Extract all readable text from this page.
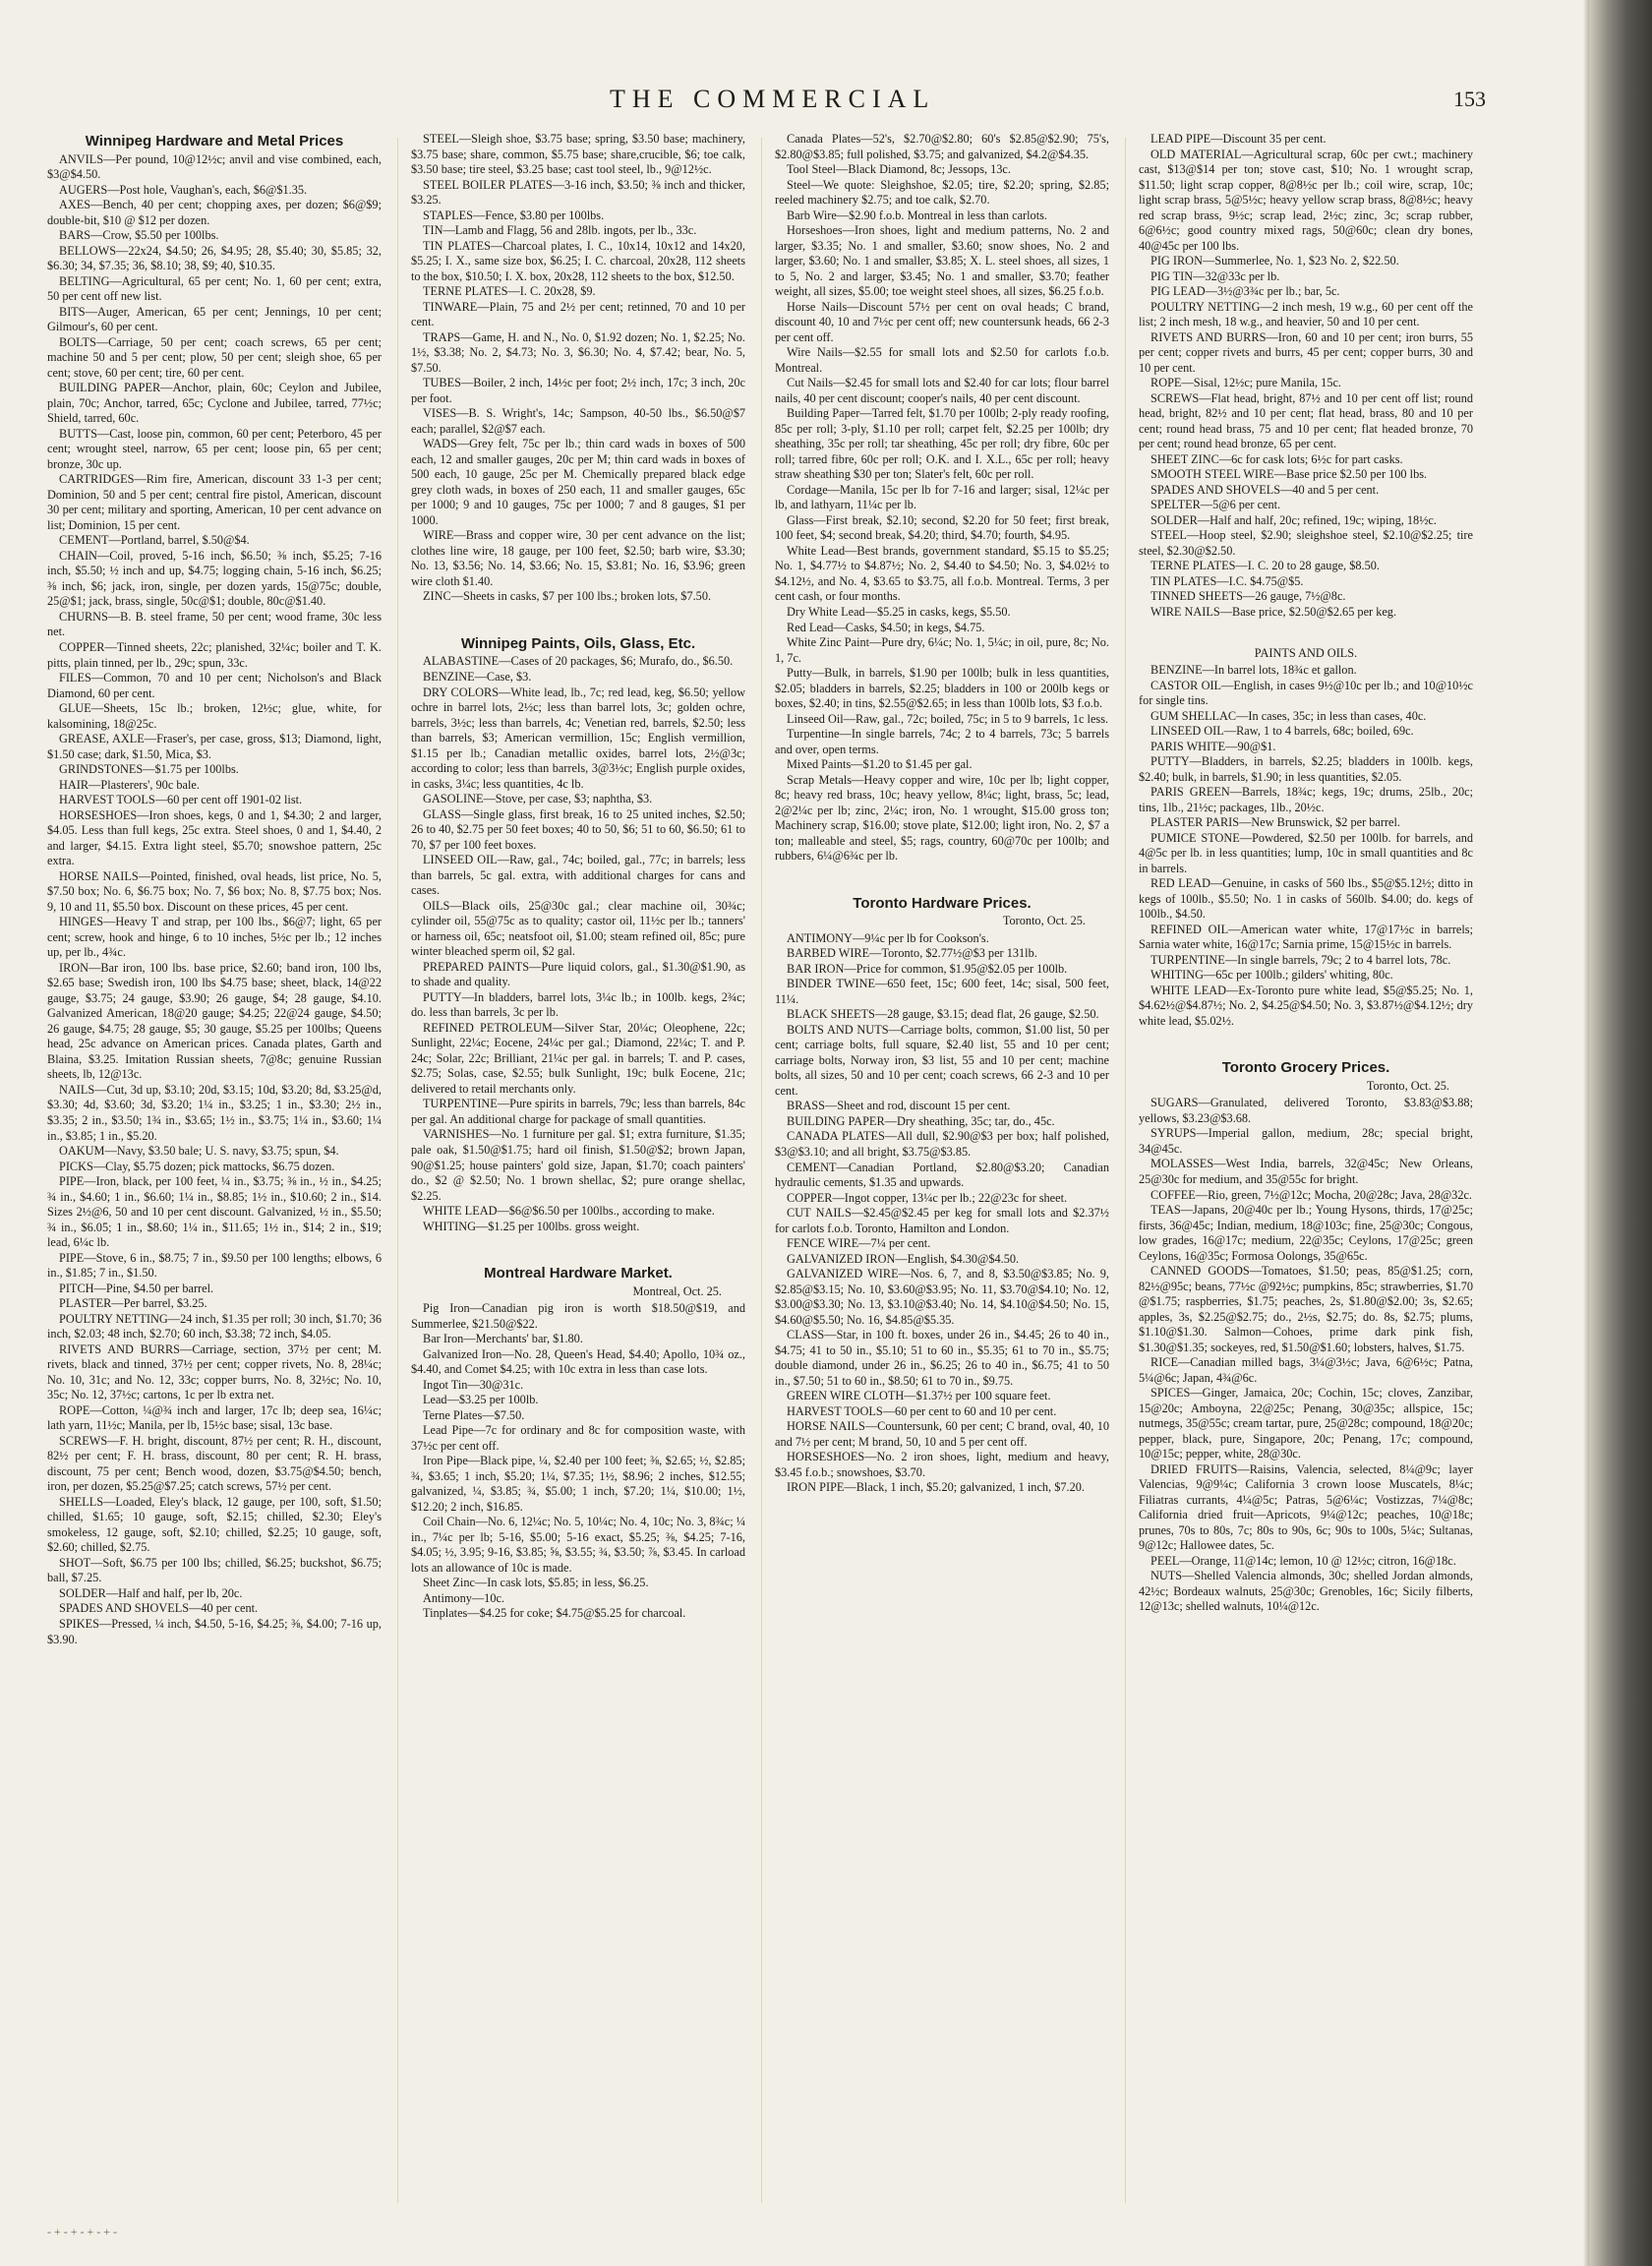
THE COMMERCIAL	153
Winnipeg Hardware and Metal Prices

ANVILS—Per pound, 10@12½c; anvil and vise combined, each, $3@$4.50.

AUGERS—Post hole, Vaughan's, each, $6@$1.35.

AXES—Bench, 40 per cent; chopping axes, per dozen; $6@$9; double-bit, $10 @ $12 per dozen.

BARS—Crow, $5.50 per 100lbs.

BELLOWS—22x24, $4.50; 26, $4.95; 28, $5.40; 30, $5.85; 32, $6.30; 34, $7.35; 36, $8.10; 38, $9; 40, $10.35.

BELTING—Agricultural, 65 per cent; No. 1, 60 per cent; extra, 50 per cent off new list.

BITS—Auger, American, 65 per cent; Jennings, 10 per cent; Gilmour's, 60 per cent.

BOLTS—Carriage, 50 per cent; coach screws, 65 per cent; machine 50 and 5 per cent; plow, 50 per cent; sleigh shoe, 65 per cent; stove, 60 per cent; tire, 60 per cent.

BUILDING PAPER—Anchor, plain, 60c; Ceylon and Jubilee, plain, 70c; Anchor, tarred, 65c; Cyclone and Jubilee, tarred, 77½c; Shield, tarred, 60c.

BUTTS—Cast, loose pin, common, 60 per cent; Peterboro, 45 per cent; wrought steel, narrow, 65 per cent; loose pin, 65 per cent; bronze, 30c up.

CARTRIDGES—Rim fire, American, discount 33 1-3 per cent; Dominion, 50 and 5 per cent; central fire pistol, American, discount 30 per cent; military and sporting, American, 10 per cent advance on list; Dominion, 15 per cent.

CEMENT—Portland, barrel, $.50@$4.

CHAIN—Coil, proved, 5-16 inch, $6.50; ⅜ inch, $5.25; 7-16 inch, $5.50; ½ inch and up, $4.75; logging chain, 5-16 inch, $6.25; ⅜ inch, $6; jack, iron, single, per dozen yards, 15@75c; double, 25@$1; jack, brass, single, 50c@$1; double, 80c@$1.40.

CHURNS—B. B. steel frame, 50 per cent; wood frame, 30c less net.

COPPER—Tinned sheets, 22c; planished, 32¼c; boiler and T. K. pitts, plain tinned, per lb., 29c; spun, 33c.

FILES—Common, 70 and 10 per cent; Nicholson's and Black Diamond, 60 per cent.

GLUE—Sheets, 15c lb.; broken, 12½c; glue, white, for kalsomining, 18@25c.

GREASE, AXLE—Fraser's, per case, gross, $13; Diamond, light, $1.50 case; dark, $1.50, Mica, $3.

GRINDSTONES—$1.75 per 100lbs.

HAIR—Plasterers', 90c bale.

HARVEST TOOLS—60 per cent off 1901-02 list.

HORSESHOES—Iron shoes, kegs, 0 and 1, $4.30; 2 and larger, $4.05. Less than full kegs, 25c extra. Steel shoes, 0 and 1, $4.40, 2 and larger, $4.15. Extra light steel, $5.70; snowshoe pattern, 25c extra.

HORSE NAILS—Pointed, finished, oval heads, list price, No. 5, $7.50 box; No. 6, $6.75 box; No. 7, $6 box; No. 8, $7.75 box; Nos. 9, 10 and 11, $5.50 box. Discount on these prices, 45 per cent.

HINGES—Heavy T and strap, per 100 lbs., $6@7; light, 65 per cent; screw, hook and hinge, 6 to 10 inches, 5½c per lb.; 12 inches up, per lb., 4¾c.

IRON—Bar iron, 100 lbs. base price, $2.60; band iron, 100 lbs, $2.65 base; Swedish iron, 100 lbs $4.75 base; sheet, black, 14@22 gauge, $3.75; 24 gauge, $3.90; 26 gauge, $4; 28 gauge, $4.10. Galvanized American, 18@20 gauge; $4.25; 22@24 gauge, $4.50; 26 gauge, $4.75; 28 gauge, $5; 30 gauge, $5.25 per 100lbs; Queens head, 25c advance on American prices. Canada plates, Garth and Blaina, $3.25. Imitation Russian sheets, 7@8c; genuine Russian sheets, lb, 12@13c.

NAILS—Cut, 3d up, $3.10; 20d, $3.15; 10d, $3.20; 8d, $3.25@d, $3.30; 4d, $3.60; 3d, $3.20; 1¼ in., $3.25; 1 in., $3.30; 2½ in., $3.35; 2 in., $3.50; 1¾ in., $3.65; 1½ in., $3.75; 1¼ in., $3.60; 1¼ in., $3.85; 1 in., $5.20.

OAKUM—Navy, $3.50 bale; U. S. navy, $3.75; spun, $4.

PICKS—Clay, $5.75 dozen; pick mattocks, $6.75 dozen.

PIPE—Iron, black, per 100 feet, ¼ in., $3.75; ⅜ in., ½ in., $4.25; ¾ in., $4.60; 1 in., $6.60; 1¼ in., $8.85; 1½ in., $10.60; 2 in., $14. Sizes 2½@6, 50 and 10 per cent discount. Galvanized, ½ in., $5.50; ¾ in., $6.05; 1 in., $8.60; 1¼ in., $11.65; 1½ in., $14; 2 in., $19; lead, 6¼c lb.

PIPE—Stove, 6 in., $8.75; 7 in., $9.50 per 100 lengths; elbows, 6 in., $1.85; 7 in., $1.50.

PITCH—Pine, $4.50 per barrel.

PLASTER—Per barrel, $3.25.

POULTRY NETTING—24 inch, $1.35 per roll; 30 inch, $1.70; 36 inch, $2.03; 48 inch, $2.70; 60 inch, $3.38; 72 inch, $4.05.

RIVETS AND BURRS—Carriage, section, 37½ per cent; M. rivets, black and tinned, 37½ per cent; copper rivets, No. 8, 28¼c; No. 10, 31c; and No. 12, 33c; copper burrs, No. 8, 32½c; No. 10, 35c; No. 12, 37½c; cartons, 1c per lb extra net.

ROPE—Cotton, ¼@¾ inch and larger, 17c lb; deep sea, 16¼c; lath yarn, 11½c; Manila, per lb, 15½c base; sisal, 13c base.

SCREWS—F. H. bright, discount, 87½ per cent; R. H., discount, 82½ per cent; F. H. brass, discount, 80 per cent; R. H. brass, discount, 75 per cent; Bench wood, dozen, $3.75@$4.50; bench, iron, per dozen, $5.25@$7.25; catch screws, 57½ per cent.

SHELLS—Loaded, Eley's black, 12 gauge, per 100, soft, $1.50; chilled, $1.65; 10 gauge, soft, $2.15; chilled, $2.30; Eley's smokeless, 12 gauge, soft, $2.10; chilled, $2.25; 10 gauge, soft, $2.60; chilled, $2.75.

SHOT—Soft, $6.75 per 100 lbs; chilled, $6.25; buckshot, $6.75; ball, $7.25.

SOLDER—Half and half, per lb, 20c.

SPADES AND SHOVELS—40 per cent.

SPIKES—Pressed, ¼ inch, $4.50, 5-16, $4.25; ⅜, $4.00; 7-16 up, $3.90.

STEEL—Sleigh shoe, $3.75 base; spring, $3.50 base; machinery, $3.75 base; share, common, $5.75 base; share,crucible, $6; toe calk, $3.50 base; tire steel, $3.25 base; cast tool steel, lb., 9@12½c.

STEEL BOILER PLATES—3-16 inch, $3.50; ⅜ inch and thicker, $3.25.

STAPLES—Fence, $3.80 per 100lbs.

TIN—Lamb and Flagg, 56 and 28lb. ingots, per lb., 33c.

TIN PLATES—Charcoal plates, I. C., 10x14, 10x12 and 14x20, $5.25; I. X., same size box, $6.25; I. C. charcoal, 20x28, 112 sheets to the box, $10.50; I. X. box, 20x28, 112 sheets to the box, $12.50.

TERNE PLATES—I. C. 20x28, $9.

TINWARE—Plain, 75 and 2½ per cent; retinned, 70 and 10 per cent.

TRAPS—Game, H. and N., No. 0, $1.92 dozen; No. 1, $2.25; No. 1½, $3.38; No. 2, $4.73; No. 3, $6.30; No. 4, $7.42; bear, No. 5, $7.50.

TUBES—Boiler, 2 inch, 14½c per foot; 2½ inch, 17c; 3 inch, 20c per foot.

VISES—B. S. Wright's, 14c; Sampson, 40-50 lbs., $6.50@$7 each; parallel, $2@$7 each.

WADS—Grey felt, 75c per lb.; thin card wads in boxes of 500 each, 12 and smaller gauges, 20c per M; thin card wads in boxes of 500 each, 10 gauge, 25c per M. Chemically prepared black edge grey cloth wads, in boxes of 250 each, 11 and smaller gauges, 65c per 1000; 9 and 10 gauges, 75c per 1000; 7 and 8 gauges, $1 per 1000.

WIRE—Brass and copper wire, 30 per cent advance on the list; clothes line wire, 18 gauge, per 100 feet, $2.50; barb wire, $3.30; No. 13, $3.56; No. 14, $3.66; No. 15, $3.81; No. 16, $3.96; green wire cloth $1.40.

ZINC—Sheets in casks, $7 per 100 lbs.; broken lots, $7.50.

Winnipeg Paints, Oils, Glass, Etc.

ALABASTINE—Cases of 20 packages, $6; Murafo, do., $6.50.

BENZINE—Case, $3.

DRY COLORS—White lead, lb., 7c; red lead, keg, $6.50; yellow ochre in barrel lots, 2½c; less than barrel lots, 3c; golden ochre, barrels, 3½c; less than barrels, 4c; Venetian red, barrels, $2.50; less than barrels, $3; American vermillion, 15c; English vermillion, $1.15 per lb.; Canadian metallic oxides, barrel lots, 2½@3c; according to color; less than barrels, 3@3½c; English purple oxides, in casks, 3¼c; less quantities, 4c lb.

GASOLINE—Stove, per case, $3; naphtha, $3.

GLASS—Single glass, first break, 16 to 25 united inches, $2.50; 26 to 40, $2.75 per 50 feet boxes; 40 to 50, $6; 51 to 60, $6.50; 61 to 70, $7 per 100 feet boxes.

LINSEED OIL—Raw, gal., 74c; boiled, gal., 77c; in barrels; less than barrels, 5c gal. extra, with additional charges for cans and cases.

OILS—Black oils, 25@30c gal.; clear machine oil, 30¾c; cylinder oil, 55@75c as to quality; castor oil, 11½c per lb.; tanners' or harness oil, 65c; neatsfoot oil, $1.00; steam refined oil, 85c; pure winter bleached sperm oil, $2 gal.

PREPARED PAINTS—Pure liquid colors, gal., $1.30@$1.90, as to shade and quality.

PUTTY—In bladders, barrel lots, 3¼c lb.; in 100lb. kegs, 2¾c; do. less than barrels, 3c per lb.

REFINED PETROLEUM—Silver Star, 20¼c; Oleophene, 22c; Sunlight, 22¼c; Eocene, 24¼c per gal.; Diamond, 22¼c; T. and P. 24c; Solar, 22c; Brilliant, 21¼c per gal. in barrels; T. and P. cases, $2.75; Solas, case, $2.55; bulk Sunlight, 19c; bulk Eocene, 21c; delivered to retail merchants only.

TURPENTINE—Pure spirits in barrels, 79c; less than barrels, 84c per gal. An additional charge for package of small quantities.

VARNISHES—No. 1 furniture per gal. $1; extra furniture, $1.35; pale oak, $1.50@$1.75; hard oil finish, $1.50@$2; brown Japan, 90@$1.25; house painters' gold size, Japan, $1.70; coach painters' do., $2 @ $2.50; No. 1 brown shellac, $2; pure orange shellac, $2.25.

WHITE LEAD—$6@$6.50 per 100lbs., according to make.

WHITING—$1.25 per 100lbs. gross weight.

Montreal Hardware Market.
Montreal, Oct. 25.

Pig Iron—Canadian pig iron is worth $18.50@$19, and Summerlee, $21.50@$22.

Bar Iron—Merchants' bar, $1.80.

Galvanized Iron—No. 28, Queen's Head, $4.40; Apollo, 10¾ oz., $4.40, and Comet $4.25; with 10c extra in less than case lots.

Ingot Tin—30@31c.

Lead—$3.25 per 100lb.

Terne Plates—$7.50.

Lead Pipe—7c for ordinary and 8c for composition waste, with 37½c per cent off.

Iron Pipe—Black pipe, ¼, $2.40 per 100 feet; ⅜, $2.65; ½, $2.85; ¾, $3.65; 1 inch, $5.20; 1¼, $7.35; 1½, $8.96; 2 inches, $12.55; galvanized, ¼, $3.85; ¾, $5.00; 1 inch, $7.20; 1¼, $10.00; 1½, $12.20; 2 inch, $16.85.

Coil Chain—No. 6, 12¼c; No. 5, 10¼c; No. 4, 10c; No. 3, 8¾c; ¼ in., 7¼c per lb; 5-16, $5.00; 5-16 exact, $5.25; ⅜, $4.25; 7-16, $4.05; ½, 3.95; 9-16, $3.85; ⅝, $3.55; ¾, $3.50; ⅞, $3.45. In carload lots an allowance of 10c is made.

Sheet Zinc—In cask lots, $5.85; in less, $6.25.

Antimony—10c.

Tinplates—$4.25 for coke; $4.75@$5.25 for charcoal.

Canada Plates—52's, $2.70@$2.80; 60's $2.85@$2.90; 75's, $2.80@$3.85; full polished, $3.75; and galvanized, $4.2@$4.35.

Tool Steel—Black Diamond, 8c; Jessops, 13c.

Steel—We quote: Sleighshoe, $2.05; tire, $2.20; spring, $2.85; reeled machinery $2.75; and toe calk, $2.70.

Barb Wire—$2.90 f.o.b. Montreal in less than carlots.

Horseshoes—Iron shoes, light and medium patterns, No. 2 and larger, $3.35; No. 1 and smaller, $3.60; snow shoes, No. 2 and larger, $3.60; No. 1 and smaller, $3.85; X. L. steel shoes, all sizes, 1 to 5, No. 2 and larger, $3.45; No. 1 and smaller, $3.70; feather weight, all sizes, $5.00; toe weight steel shoes, all sizes, $6.25 f.o.b.

Horse Nails—Discount 57½ per cent on oval heads; C brand, discount 40, 10 and 7½c per cent off; new countersunk heads, 66 2-3 per cent off.

Wire Nails—$2.55 for small lots and $2.50 for carlots f.o.b. Montreal.

Cut Nails—$2.45 for small lots and $2.40 for car lots; flour barrel nails, 40 per cent discount; cooper's nails, 40 per cent discount.

Building Paper—Tarred felt, $1.70 per 100lb; 2-ply ready roofing, 85c per roll; 3-ply, $1.10 per roll; carpet felt, $2.25 per 100lb; dry sheathing, 35c per roll; tar sheathing, 45c per roll; dry fibre, 60c per roll; tarred fibre, 60c per roll; O.K. and I. X.L., 65c per roll; heavy straw sheathing $30 per ton; Slater's felt, 60c per roll.

Cordage—Manila, 15c per lb for 7-16 and larger; sisal, 12¼c per lb, and lathyarn, 11¼c per lb.

Glass—First break, $2.10; second, $2.20 for 50 feet; first break, 100 feet, $4; second break, $4.20; third, $4.70; fourth, $4.95.

White Lead—Best brands, government standard, $5.15 to $5.25; No. 1, $4.77½ to $4.87½; No. 2, $4.40 to $4.50; No. 3, $4.02½ to $4.12½, and No. 4, $3.65 to $3.75, all f.o.b. Montreal. Terms, 3 per cent cash, or four months.

Dry White Lead—$5.25 in casks, kegs, $5.50.

Red Lead—Casks, $4.50; in kegs, $4.75.

White Zinc Paint—Pure dry, 6¼c; No. 1, 5¼c; in oil, pure, 8c; No. 1, 7c.

Putty—Bulk, in barrels, $1.90 per 100lb; bulk in less quantities, $2.05; bladders in barrels, $2.25; bladders in 100 or 200lb kegs or boxes, $2.40; in tins, $2.55@$2.65; in less than 100lb lots, $3 f.o.b.

Linseed Oil—Raw, gal., 72c; boiled, 75c; in 5 to 9 barrels, 1c less.

Turpentine—In single barrels, 74c; 2 to 4 barrels, 73c; 5 barrels and over, open terms.

Mixed Paints—$1.20 to $1.45 per gal.

Scrap Metals—Heavy copper and wire, 10c per lb; light copper, 8c; heavy red brass, 10c; heavy yellow, 8¼c; light, brass, 5c; lead, 2@2¼c per lb; zinc, 2¼c; iron, No. 1 wrought, $15.00 gross ton; Machinery scrap, $16.00; stove plate, $12.00; light iron, No. 2, $7 a ton; malleable and steel, $5; rags, country, 60@70c per 100lb; and rubbers, 6¼@6¾c per lb.

Toronto Hardware Prices.
Toronto, Oct. 25.

ANTIMONY—9¼c per lb for Cookson's.

BARBED WIRE—Toronto, $2.77½@$3 per 131lb.

BAR IRON—Price for common, $1.95@$2.05 per 100lb.

BINDER TWINE—650 feet, 15c; 600 feet, 14c; sisal, 500 feet, 11¼.

BLACK SHEETS—28 gauge, $3.15; dead flat, 26 gauge, $2.50.

BOLTS AND NUTS—Carriage bolts, common, $1.00 list, 50 per cent; carriage bolts, full square, $2.40 list, 55 and 10 per cent; carriage bolts, Norway iron, $3 list, 55 and 10 per cent; machine bolts, all sizes, 50 and 10 per cent; coach screws, 66 2-3 and 10 per cent.

BRASS—Sheet and rod, discount 15 per cent.

BUILDING PAPER—Dry sheathing, 35c; tar, do., 45c.

CANADA PLATES—All dull, $2.90@$3 per box; half polished, $3@$3.10; and all bright, $3.75@$3.85.

CEMENT—Canadian Portland, $2.80@$3.20; Canadian hydraulic cements, $1.35 and upwards.

COPPER—Ingot copper, 13¼c per lb.; 22@23c for sheet.

CUT NAILS—$2.45@$2.45 per keg for small lots and $2.37½ for carlots f.o.b. Toronto, Hamilton and London.

FENCE WIRE—7¼ per cent.

GALVANIZED IRON—English, $4.30@$4.50.

GALVANIZED WIRE—Nos. 6, 7, and 8, $3.50@$3.85; No. 9, $2.85@$3.15; No. 10, $3.60@$3.95; No. 11, $3.70@$4.10; No. 12, $3.00@$3.30; No. 13, $3.10@$3.40; No. 14, $4.10@$4.50; No. 15, $4.60@$5.50; No. 16, $4.85@$5.35.

CLASS—Star, in 100 ft. boxes, under 26 in., $4.45; 26 to 40 in., $4.75; 41 to 50 in., $5.10; 51 to 60 in., $5.35; 61 to 70 in., $5.75; double diamond, under 26 in., $6.25; 26 to 40 in., $6.75; 41 to 50 in., $7.50; 51 to 60 in., $8.50; 61 to 70 in., $9.75.

GREEN WIRE CLOTH—$1.37½ per 100 square feet.

HARVEST TOOLS—60 per cent to 60 and 10 per cent.

HORSE NAILS—Countersunk, 60 per cent; C brand, oval, 40, 10 and 7½ per cent; M brand, 50, 10 and 5 per cent off.

HORSESHOES—No. 2 iron shoes, light, medium and heavy, $3.45 f.o.b.; snowshoes, $3.70.

IRON PIPE—Black, 1 inch, $5.20; galvanized, 1 inch, $7.20.

LEAD PIPE—Discount 35 per cent.

OLD MATERIAL—Agricultural scrap, 60c per cwt.; machinery cast, $13@$14 per ton; stove cast, $10; No. 1 wrought scrap, $11.50; light scrap copper, 8@8½c per lb.; coil wire, scrap, 10c; light scrap brass, 5@5½c; heavy yellow scrap brass, 8@8½c; heavy red scrap brass, 9½c; scrap lead, 2½c; zinc, 3c; scrap rubber, 6@6½c; good country mixed rags, 50@60c; clean dry bones, 40@45c per 100 lbs.

PIG IRON—Summerlee, No. 1, $23 No. 2, $22.50.

PIG TIN—32@33c per lb.

PIG LEAD—3½@3¾c per lb.; bar, 5c.

POULTRY NETTING—2 inch mesh, 19 w.g., 60 per cent off the list; 2 inch mesh, 18 w.g., and heavier, 50 and 10 per cent.

RIVETS AND BURRS—Iron, 60 and 10 per cent; iron burrs, 55 per cent; copper rivets and burrs, 45 per cent; copper burrs, 30 and 10 per cent.

ROPE—Sisal, 12½c; pure Manila, 15c.

SCREWS—Flat head, bright, 87½ and 10 per cent off list; round head, bright, 82½ and 10 per cent; flat head, brass, 80 and 10 per cent; round head brass, 75 and 10 per cent; flat headed bronze, 70 per cent; round head bronze, 65 per cent.

SHEET ZINC—6c for cask lots; 6½c for part casks.

SMOOTH STEEL WIRE—Base price $2.50 per 100 lbs.

SPADES AND SHOVELS—40 and 5 per cent.

SPELTER—5@6 per cent.

SOLDER—Half and half, 20c; refined, 19c; wiping, 18½c.

STEEL—Hoop steel, $2.90; sleighshoe steel, $2.10@$2.25; tire steel, $2.30@$2.50.

TERNE PLATES—I. C. 20 to 28 gauge, $8.50.

TIN PLATES—I.C. $4.75@$5.

TINNED SHEETS—26 gauge, 7½@8c.

WIRE NAILS—Base price, $2.50@$2.65 per keg.

PAINTS AND OILS.

BENZINE—In barrel lots, 18¾c et gallon.

CASTOR OIL—English, in cases 9½@10c per lb.; and 10@10½c for single tins.

GUM SHELLAC—In cases, 35c; in less than cases, 40c.

LINSEED OIL—Raw, 1 to 4 barrels, 68c; boiled, 69c.

PARIS WHITE—90@$1.

PUTTY—Bladders, in barrels, $2.25; bladders in 100lb. kegs, $2.40; bulk, in barrels, $1.90; in less quantities, $2.05.

PARIS GREEN—Barrels, 18¾c; kegs, 19c; drums, 25lb., 20c; tins, 1lb., 21½c; packages, 1lb., 20½c.

PLASTER PARIS—New Brunswick, $2 per barrel.

PUMICE STONE—Powdered, $2.50 per 100lb. for barrels, and 4@5c per lb. in less quantities; lump, 10c in small quantities and 8c in barrels.

RED LEAD—Genuine, in casks of 560 lbs., $5@$5.12½; ditto in kegs of 100lb., $5.50; No. 1 in casks of 560lb. $4.00; do. kegs of 100lb., $4.50.

REFINED OIL—American water white, 17@17½c in barrels; Sarnia water white, 16@17c; Sarnia prime, 15@15½c in barrels.

TURPENTINE—In single barrels, 79c; 2 to 4 barrel lots, 78c.

WHITING—65c per 100lb.; gilders' whiting, 80c.

WHITE LEAD—Ex-Toronto pure white lead, $5@$5.25; No. 1, $4.62½@$4.87½; No. 2, $4.25@$4.50; No. 3, $3.87½@$4.12½; dry white lead, $5.02½.

Toronto Grocery Prices.
Toronto, Oct. 25.

SUGARS—Granulated, delivered Toronto, $3.83@$3.88; yellows, $3.23@$3.68.

SYRUPS—Imperial gallon, medium, 28c; special bright, 34@45c.

MOLASSES—West India, barrels, 32@45c; New Orleans, 25@30c for medium, and 35@55c for bright.

COFFEE—Rio, green, 7½@12c; Mocha, 20@28c; Java, 28@32c.

TEAS—Japans, 20@40c per lb.; Young Hysons, thirds, 17@25c; firsts, 36@45c; Indian, medium, 18@103c; fine, 25@30c; Congous, low grades, 16@17c; medium, 22@35c; Ceylons, 17@25c; green Ceylons, 16@35c; Formosa Oolongs, 35@65c.

CANNED GOODS—Tomatoes, $1.50; peas, 85@$1.25; corn, 82½@95c; beans, 77½c @92½c; pumpkins, 85c; strawberries, $1.70 @$1.75; raspberries, $1.75; peaches, 2s, $1.80@$2.00; 3s, $2.65; apples, 3s, $2.25@$2.75; do., 2½s, $2.75; do. 8s, $2.75; plums, $1.10@$1.30. Salmon—Cohoes, prime dark pink fish, $1.30@$1.35; sockeyes, red, $1.50@$1.60; lobsters, halves, $1.75.

RICE—Canadian milled bags, 3¼@3½c; Java, 6@6½c; Patna, 5¼@6c; Japan, 4¾@6c.

SPICES—Ginger, Jamaica, 20c; Cochin, 15c; cloves, Zanzibar, 15@20c; Amboyna, 22@25c; Penang, 30@35c; allspice, 15c; nutmegs, 35@55c; cream tartar, pure, 25@28c; compound, 18@20c; pepper, black, pure, Singapore, 20c; Penang, 17c; compound, 10@15c; pepper, white, 28@30c.

DRIED FRUITS—Raisins, Valencia, selected, 8¼@9c; layer Valencias, 9@9¼c; California 3 crown loose Muscatels, 8¼c; Filiatras currants, 4¼@5c; Patras, 5@6¼c; Vostizzas, 7¼@8c; California dried fruit—Apricots, 9¼@12c; peaches, 10@18c; prunes, 70s to 80s, 7c; 80s to 90s, 6c; 90s to 100s, 5¼c; Sultanas, 9@12c; Hallowee dates, 5c.

PEEL—Orange, 11@14c; lemon, 10 @ 12½c; citron, 16@18c.

NUTS—Shelled Valencia almonds, 30c; shelled Jordan almonds, 42½c; Bordeaux walnuts, 25@30c; Grenobles, 16c; Sicily filberts, 12@13c; shelled walnuts, 10¼@12c.

-+-+-+-+-
